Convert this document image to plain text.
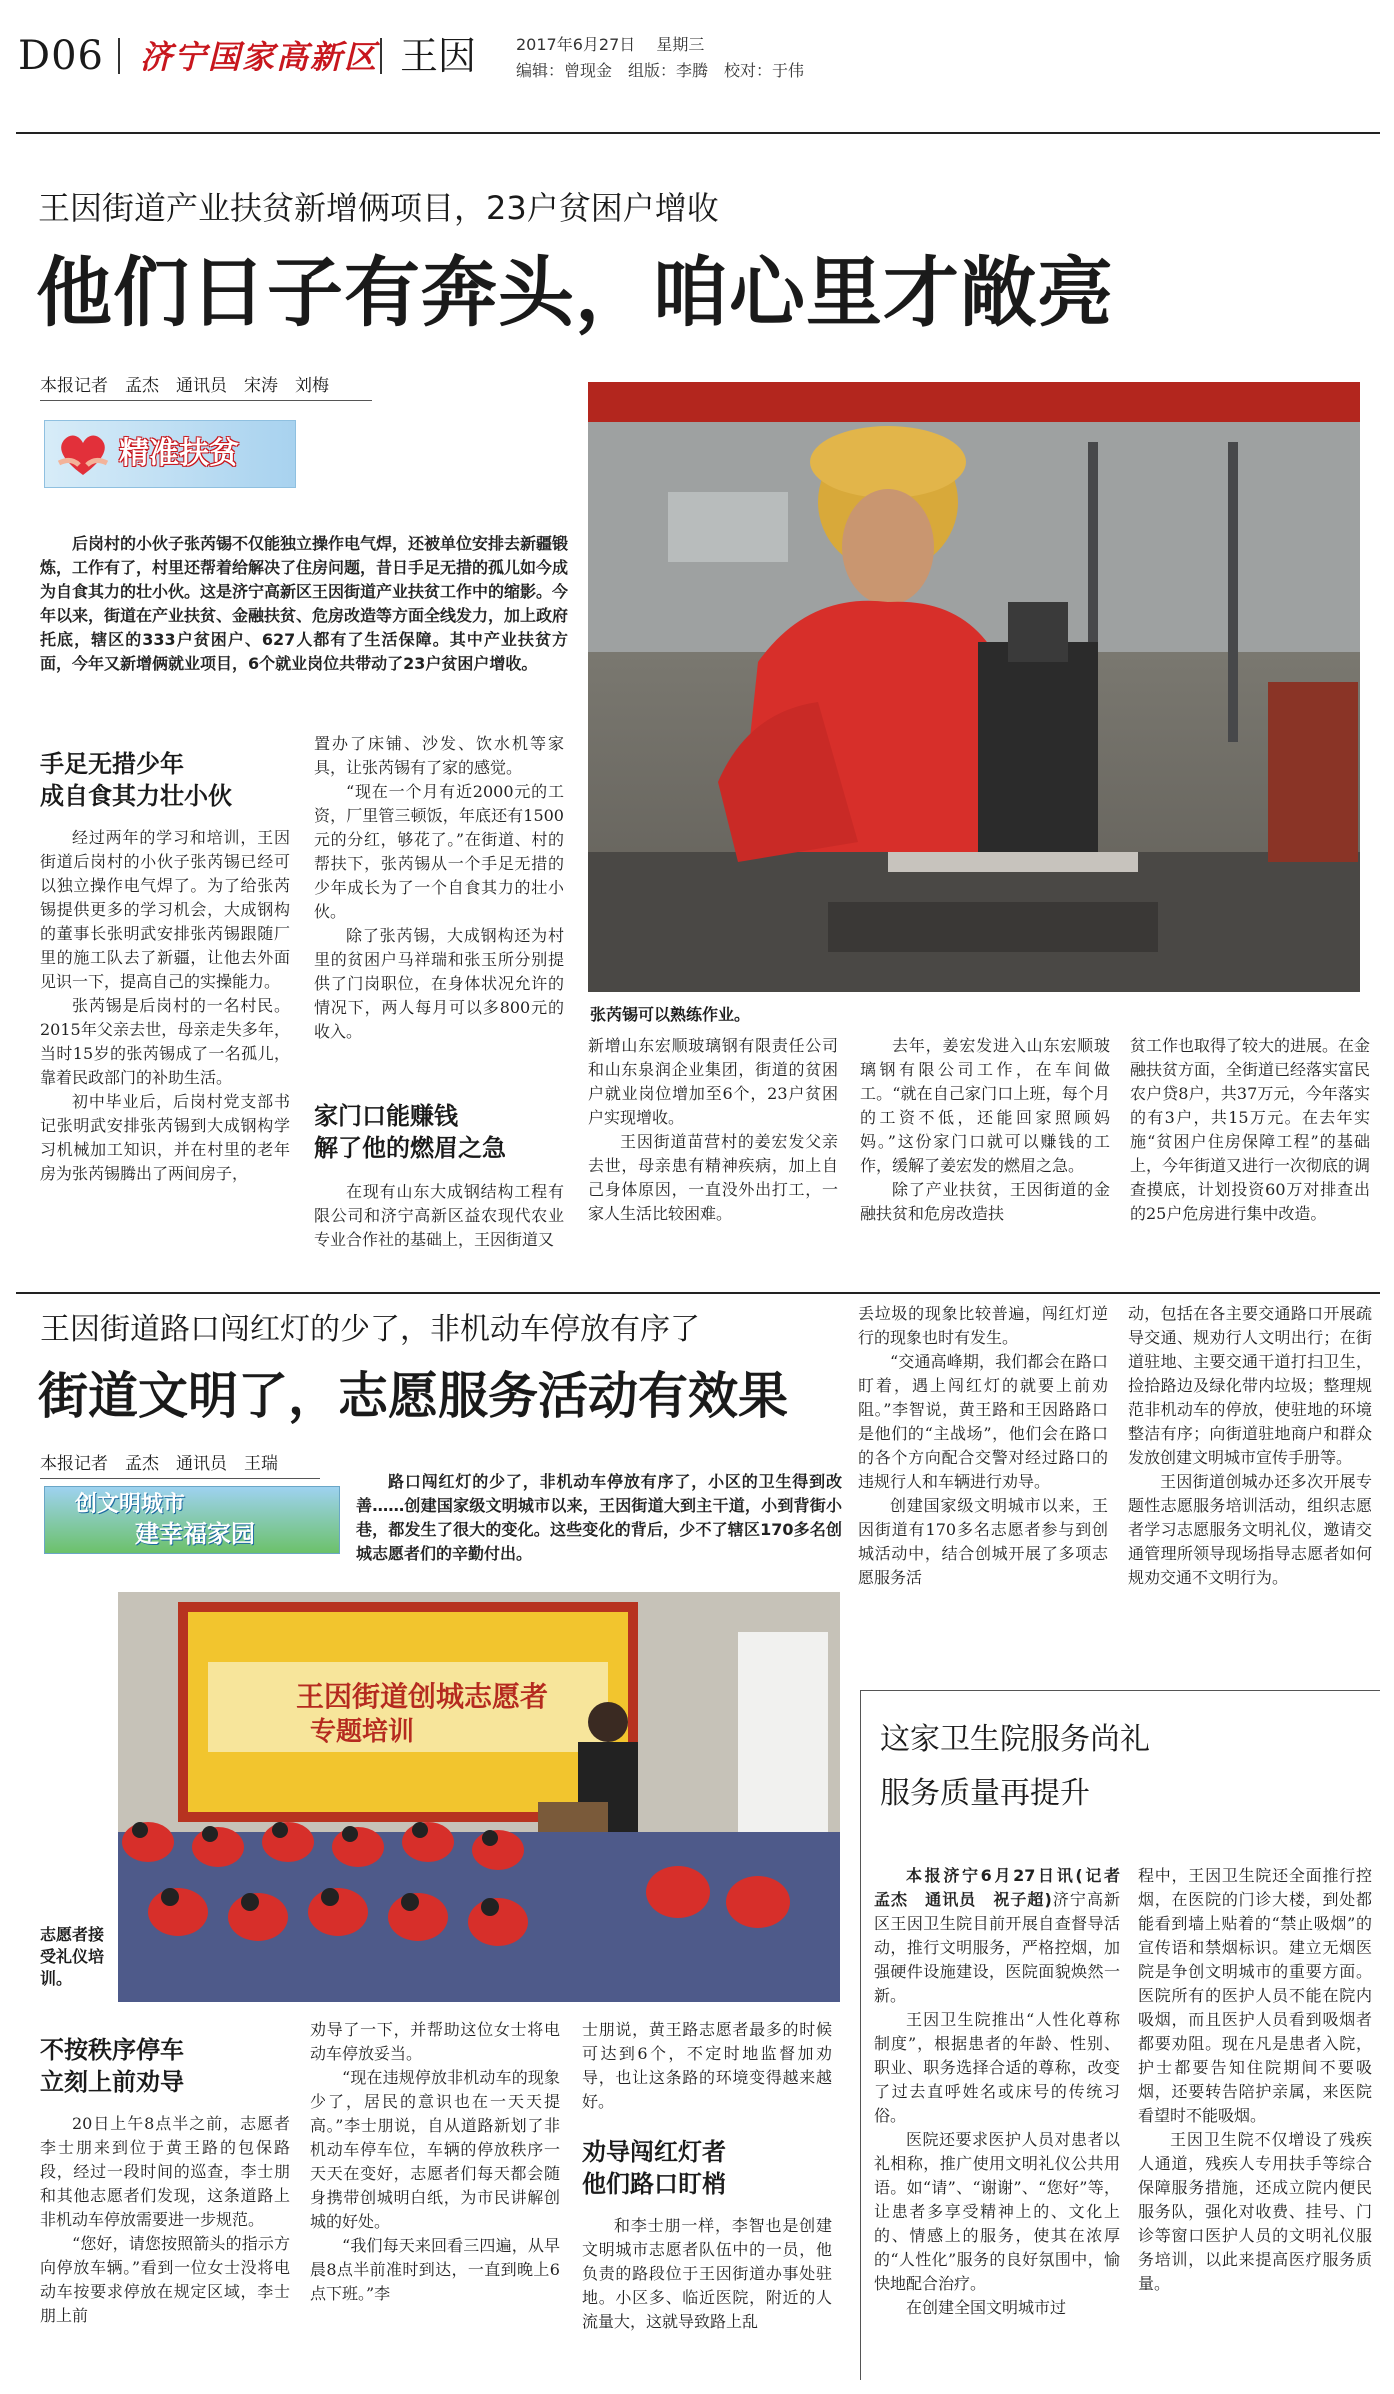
D06 济宁国家高新区 王因 2017年6月27日　 星期三
编辑：曾现金　组版：李腾　校对：于伟
王因街道产业扶贫新增俩项目，23户贫困户增收
他们日子有奔头，咱心里才敞亮
本报记者　孟杰　通讯员　宋涛　刘梅
精准扶贫

后岗村的小伙子张芮锡不仅能独立操作电气焊，还被单位安排去新疆锻炼，工作有了，村里还帮着给解决了住房问题，昔日手足无措的孤儿如今成为自食其力的壮小伙。这是济宁高新区王因街道产业扶贫工作中的缩影。今年以来，街道在产业扶贫、金融扶贫、危房改造等方面全线发力，加上政府托底，辖区的333户贫困户、627人都有了生活保障。其中产业扶贫方面，今年又新增俩就业项目，6个就业岗位共带动了23户贫困户增收。

张芮锡可以熟练作业。
手足无措少年
成自食其力壮小伙

经过两年的学习和培训，王因街道后岗村的小伙子张芮锡已经可以独立操作电气焊了。为了给张芮锡提供更多的学习机会，大成钢构的董事长张明武安排张芮锡跟随厂里的施工队去了新疆，让他去外面见识一下，提高自己的实操能力。

张芮锡是后岗村的一名村民。2015年父亲去世，母亲走失多年，当时15岁的张芮锡成了一名孤儿，靠着民政部门的补助生活。

初中毕业后，后岗村党支部书记张明武安排张芮锡到大成钢构学习机械加工知识，并在村里的老年房为张芮锡腾出了两间房子，

置办了床铺、沙发、饮水机等家具，让张芮锡有了家的感觉。

“现在一个月有近2000元的工资，厂里管三顿饭，年底还有1500元的分红，够花了。”在街道、村的帮扶下，张芮锡从一个手足无措的少年成长为了一个自食其力的壮小伙。

除了张芮锡，大成钢构还为村里的贫困户马祥瑞和张玉所分别提供了门岗职位，在身体状况允许的情况下，两人每月可以多800元的收入。

家门口能赚钱
解了他的燃眉之急

在现有山东大成钢结构工程有限公司和济宁高新区益农现代农业专业合作社的基础上，王因街道又

新增山东宏顺玻璃钢有限责任公司和山东泉润企业集团，街道的贫困户就业岗位增加至6个，23户贫困户实现增收。

王因街道苗营村的姜宏发父亲去世，母亲患有精神疾病，加上自己身体原因，一直没外出打工，一家人生活比较困难。

去年，姜宏发进入山东宏顺玻璃钢有限公司工作，在车间做工。“就在自己家门口上班，每个月的工资不低，还能回家照顾妈妈。”这份家门口就可以赚钱的工作，缓解了姜宏发的燃眉之急。

除了产业扶贫，王因街道的金融扶贫和危房改造扶

贫工作也取得了较大的进展。在金融扶贫方面，全街道已经落实富民农户贷8户，共37万元，今年落实的有3户，共15万元。在去年实施“贫困户住房保障工程”的基础上，今年街道又进行一次彻底的调查摸底，计划投资60万对排查出的25户危房进行集中改造。

王因街道路口闯红灯的少了，非机动车停放有序了
街道文明了，志愿服务活动有效果
本报记者　孟杰　通讯员　王瑞
创文明城市
建幸福家园

路口闯红灯的少了，非机动车停放有序了，小区的卫生得到改善……创建国家级文明城市以来，王因街道大到主干道，小到背街小巷，都发生了很大的变化。这些变化的背后，少不了辖区170多名创城志愿者们的辛勤付出。

王因街道创城志愿者
专题培训
志愿者接受礼仪培训。

丢垃圾的现象比较普遍，闯红灯逆行的现象也时有发生。

“交通高峰期，我们都会在路口盯着，遇上闯红灯的就要上前劝阻。”李智说，黄王路和王因路路口是他们的“主战场”，他们会在路口的各个方向配合交警对经过路口的违规行人和车辆进行劝导。

创建国家级文明城市以来，王因街道有170多名志愿者参与到创城活动中，结合创城开展了多项志愿服务活

动，包括在各主要交通路口开展疏导交通、规劝行人文明出行；在街道驻地、主要交通干道打扫卫生，捡拾路边及绿化带内垃圾；整理规范非机动车的停放，使驻地的环境整洁有序；向街道驻地商户和群众发放创建文明城市宣传手册等。

王因街道创城办还多次开展专题性志愿服务培训活动，组织志愿者学习志愿服务文明礼仪，邀请交通管理所领导现场指导志愿者如何规劝交通不文明行为。

不按秩序停车
立刻上前劝导

20日上午8点半之前，志愿者李士朋来到位于黄王路的包保路段，经过一段时间的巡查，李士朋和其他志愿者们发现，这条道路上非机动车停放需要进一步规范。

“您好，请您按照箭头的指示方向停放车辆。”看到一位女士没将电动车按要求停放在规定区域，李士朋上前

劝导了一下，并帮助这位女士将电动车停放妥当。

“现在违规停放非机动车的现象少了，居民的意识也在一天天提高。”李士朋说，自从道路新划了非机动车停车位，车辆的停放秩序一天天在变好，志愿者们每天都会随身携带创城明白纸，为市民讲解创城的好处。

“我们每天来回看三四遍，从早晨8点半前准时到达，一直到晚上6点下班。”李

士朋说，黄王路志愿者最多的时候可达到6个，不定时地监督加劝导，也让这条路的环境变得越来越好。

劝导闯红灯者
他们路口盯梢

和李士朋一样，李智也是创建文明城市志愿者队伍中的一员，他负责的路段位于王因街道办事处驻地。小区多、临近医院，附近的人流量大，这就导致路上乱

这家卫生院服务尚礼
服务质量再提升

本报济宁6月27日讯(记者　孟杰　通讯员　祝子超)济宁高新区王因卫生院目前开展自查督导活动，推行文明服务，严格控烟，加强硬件设施建设，医院面貌焕然一新。

王因卫生院推出“人性化尊称制度”，根据患者的年龄、性别、职业、职务选择合适的尊称，改变了过去直呼姓名或床号的传统习俗。

医院还要求医护人员对患者以礼相称，推广使用文明礼仪公共用语。如“请”、“谢谢”、“您好”等，让患者多享受精神上的、文化上的、情感上的服务，使其在浓厚的“人性化”服务的良好氛围中，愉快地配合治疗。

在创建全国文明城市过

程中，王因卫生院还全面推行控烟，在医院的门诊大楼，到处都能看到墙上贴着的“禁止吸烟”的宣传语和禁烟标识。建立无烟医院是争创文明城市的重要方面。医院所有的医护人员不能在院内吸烟，而且医护人员看到吸烟者都要劝阻。现在凡是患者入院，护士都要告知住院期间不要吸烟，还要转告陪护亲属，来医院看望时不能吸烟。

王因卫生院不仅增设了残疾人通道，残疾人专用扶手等综合保障服务措施，还成立院内便民服务队，强化对收费、挂号、门诊等窗口医护人员的文明礼仪服务培训，以此来提高医疗服务质量。
